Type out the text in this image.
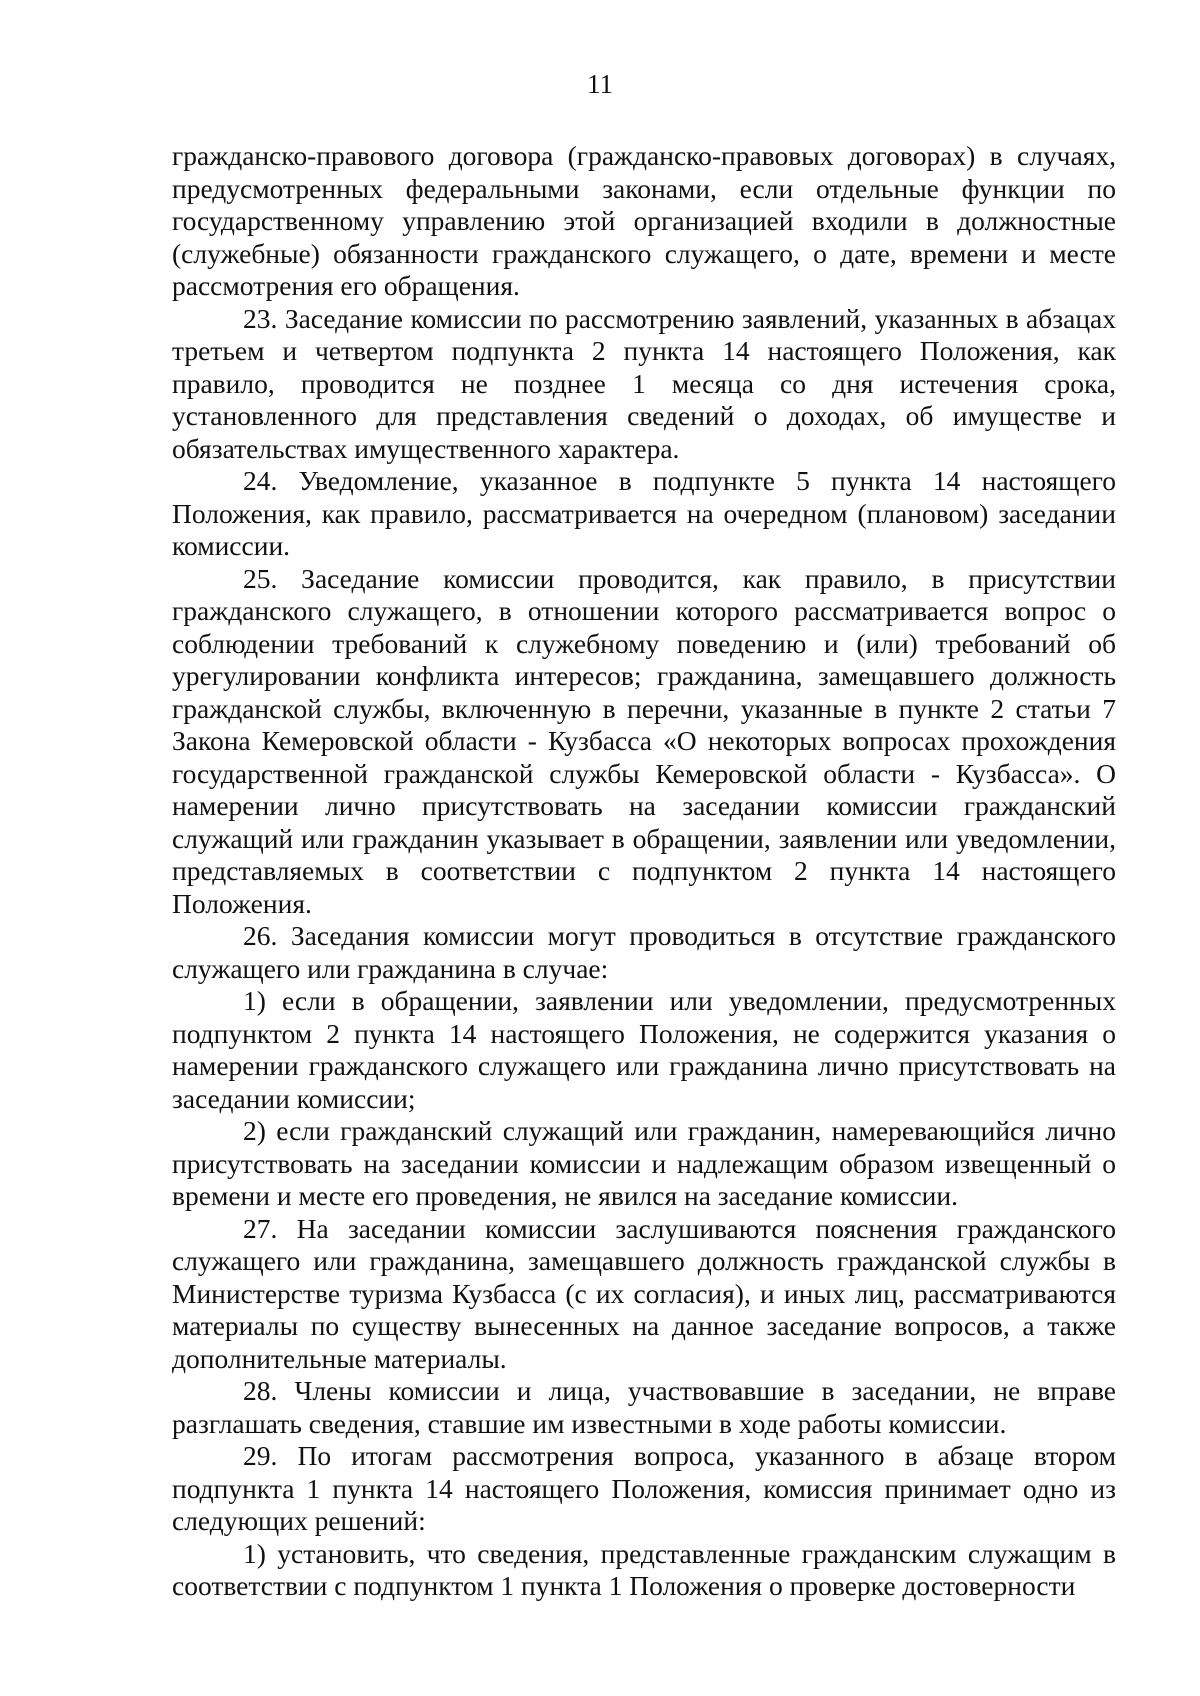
11

гражданско-правового договора (гражданско-правовых договорах) в случаях, предусмотренных федеральными законами, если отдельные функции по государственному управлению этой организацией входили в должностные (служебные) обязанности гражданского служащего, о дате, времени и месте рассмотрения его обращения.

23. Заседание комиссии по рассмотрению заявлений, указанных в абзацах третьем и четвертом подпункта 2 пункта 14 настоящего Положения, как правило, проводится не позднее 1 месяца со дня истечения срока, установленного для представления сведений о доходах, об имуществе и обязательствах имущественного характера.

24. Уведомление, указанное в подпункте 5 пункта 14 настоящего Положения, как правило, рассматривается на очередном (плановом) заседании комиссии.

25. Заседание комиссии проводится, как правило, в присутствии гражданского служащего, в отношении которого рассматривается вопрос о соблюдении требований к служебному поведению и (или) требований об урегулировании конфликта интересов; гражданина, замещавшего должность гражданской службы, включенную в перечни, указанные в пункте 2 статьи 7 Закона Кемеровской области - Кузбасса «О некоторых вопросах прохождения государственной гражданской службы Кемеровской области - Кузбасса». О намерении лично присутствовать на заседании комиссии гражданский служащий или гражданин указывает в обращении, заявлении или уведомлении, представляемых в соответствии с подпунктом 2 пункта 14 настоящего Положения.

26. Заседания комиссии могут проводиться в отсутствие гражданского служащего или гражданина в случае:

1) если в обращении, заявлении или уведомлении, предусмотренных подпунктом 2 пункта 14 настоящего Положения, не содержится указания о намерении гражданского служащего или гражданина лично присутствовать на заседании комиссии;

2) если гражданский служащий или гражданин, намеревающийся лично присутствовать на заседании комиссии и надлежащим образом извещенный о времени и месте его проведения, не явился на заседание комиссии.

27. На заседании комиссии заслушиваются пояснения гражданского служащего или гражданина, замещавшего должность гражданской службы в Министерстве туризма Кузбасса (с их согласия), и иных лиц, рассматриваются материалы по существу вынесенных на данное заседание вопросов, а также дополнительные материалы.

28. Члены комиссии и лица, участвовавшие в заседании, не вправе разглашать сведения, ставшие им известными в ходе работы комиссии.

29. По итогам рассмотрения вопроса, указанного в абзаце втором подпункта 1 пункта 14 настоящего Положения, комиссия принимает одно из следующих решений:

1) установить, что сведения, представленные гражданским служащим в соответствии с подпунктом 1 пункта 1 Положения о проверке достоверности
